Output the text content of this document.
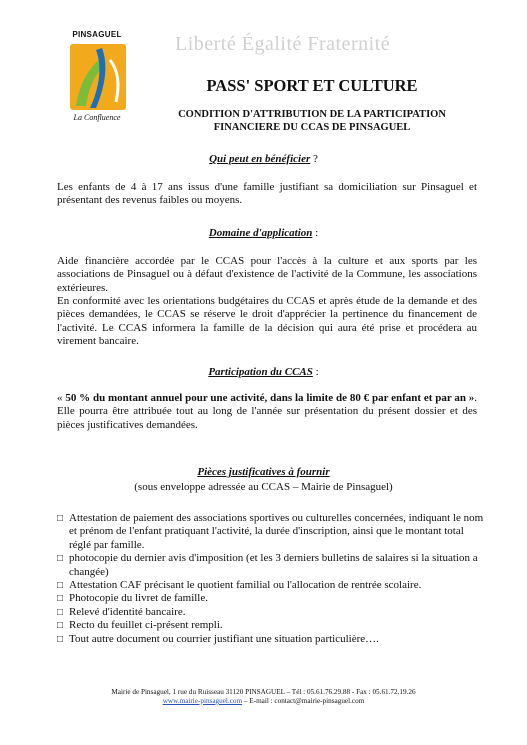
PINSAGUEL
La Confluence
Liberté Égalité Fraternité
PASS' SPORT ET CULTURE
CONDITION D'ATTRIBUTION DE LA PARTICIPATION
FINANCIERE DU CCAS DE PINSAGUEL
Qui peut en bénéficier ?
Les enfants de 4 à 17 ans issus d'une famille justifiant sa domiciliation sur Pinsaguel et présentant des revenus faibles ou moyens.
Domaine d'application :
Aide financière accordée par le CCAS pour l'accès à la culture et aux sports par les associations de Pinsaguel ou à défaut d'existence de l'activité de la Commune, les associations extérieures.
En conformité avec les orientations budgétaires du CCAS et après étude de la demande et des pièces demandées, le CCAS se réserve le droit d'apprécier la pertinence du financement de l'activité. Le CCAS informera la famille de la décision qui aura été prise et procédera au virement bancaire.
Participation du CCAS :
« 50 % du montant annuel pour une activité, dans la limite de 80 € par enfant et par an ». Elle pourra être attribuée tout au long de l'année sur présentation du présent dossier et des pièces justificatives demandées.
Pièces justificatives à fournir
(sous enveloppe adressée au CCAS – Mairie de Pinsaguel)
□ Attestation de paiement des associations sportives ou culturelles concernées, indiquant le nom et prénom de l'enfant pratiquant l'activité, la durée d'inscription, ainsi que le montant total réglé par famille.
□ photocopie du dernier avis d'imposition (et les 3 derniers bulletins de salaires si la situation a changée)
□ Attestation CAF précisant le quotient familial ou l'allocation de rentrée scolaire.
□ Photocopie du livret de famille.
□ Relevé d'identité bancaire.
□ Recto du feuillet ci-présent rempli.
□ Tout autre document ou courrier justifiant une situation particulière….
Mairie de Pinsaguel, 1 rue du Ruisseau 31120 PINSAGUEL – Tél : 05.61.76.29.88 - Fax : 05.61.72.19.26
www.mairie-pinsaguel.com – E-mail : contact@mairie-pinsaguel.com
